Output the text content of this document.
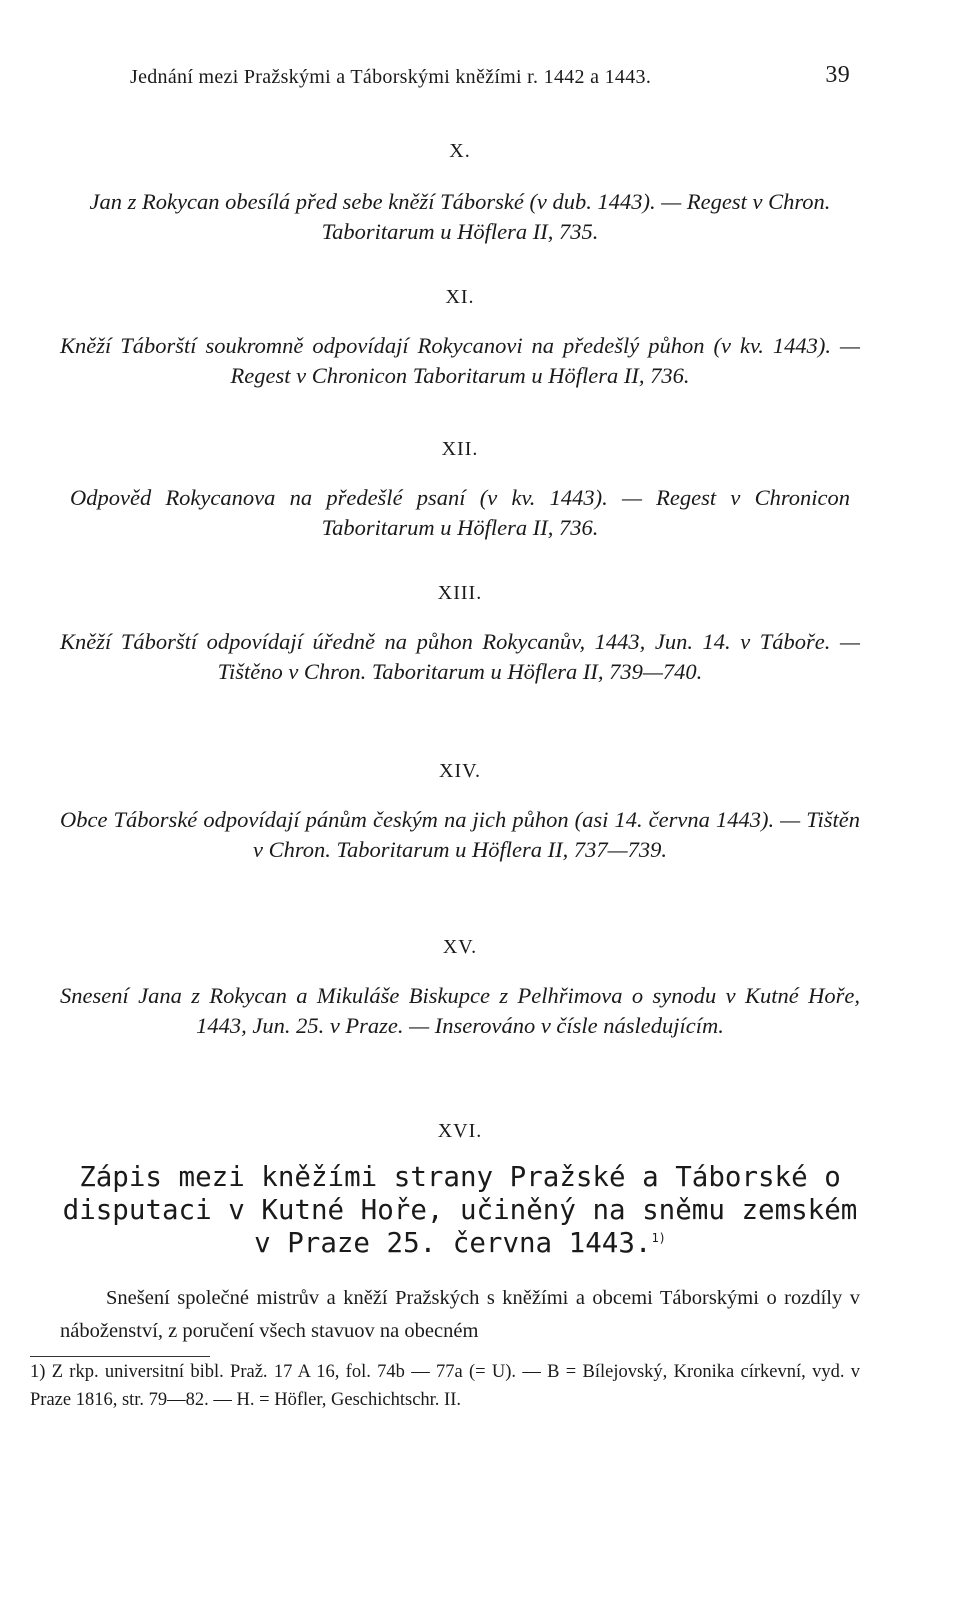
Jednání mezi Pražskými a Táborskými kněžími r. 1442 a 1443.	39

X.

Jan z Rokycan obesílá před sebe kněží Táborské (v dub. 1443). — Regest v Chron. Taboritarum u Höflera II, 735.

XI.

Kněží Táborští soukromně odpovídají Rokycanovi na předešlý půhon (v kv. 1443). — Regest v Chronicon Taboritarum u Höflera II, 736.

XII.

Odpověd Rokycanova na předešlé psaní (v kv. 1443). — Regest v Chronicon Taboritarum u Höflera II, 736.

XIII.

Kněží Táborští odpovídají úředně na půhon Rokycanův, 1443, Jun. 14. v Táboře. — Tištěno v Chron. Taboritarum u Höflera II, 739—740.

XIV.

Obce Táborské odpovídají pánům českým na jich půhon (asi 14. června 1443). — Tištěn v Chron. Taboritarum u Höflera II, 737—739.

XV.

Snesení Jana z Rokycan a Mikuláše Biskupce z Pelhřimova o synodu v Kutné Hoře, 1443, Jun. 25. v Praze. — Inserováno v čísle následujícím.

XVI.

Zápis mezi kněžími strany Pražské a Táborské o disputaci v Kutné Hoře, učiněný na sněmu zemském v Praze 25. června 1443.$^{1)}$

Snešení společné mistrův a kněží Pražských s kněžími a obcemi Táborskými o rozdíly v náboženství, z poručení všech stavuov na obecném

1) Z rkp. universitní bibl. Praž. 17 A 16, fol. 74b — 77a (= U). — B = Bílejovský, Kronika církevní, vyd. v Praze 1816, str. 79—82. — H. = Höfler, Geschichtschr. II.
